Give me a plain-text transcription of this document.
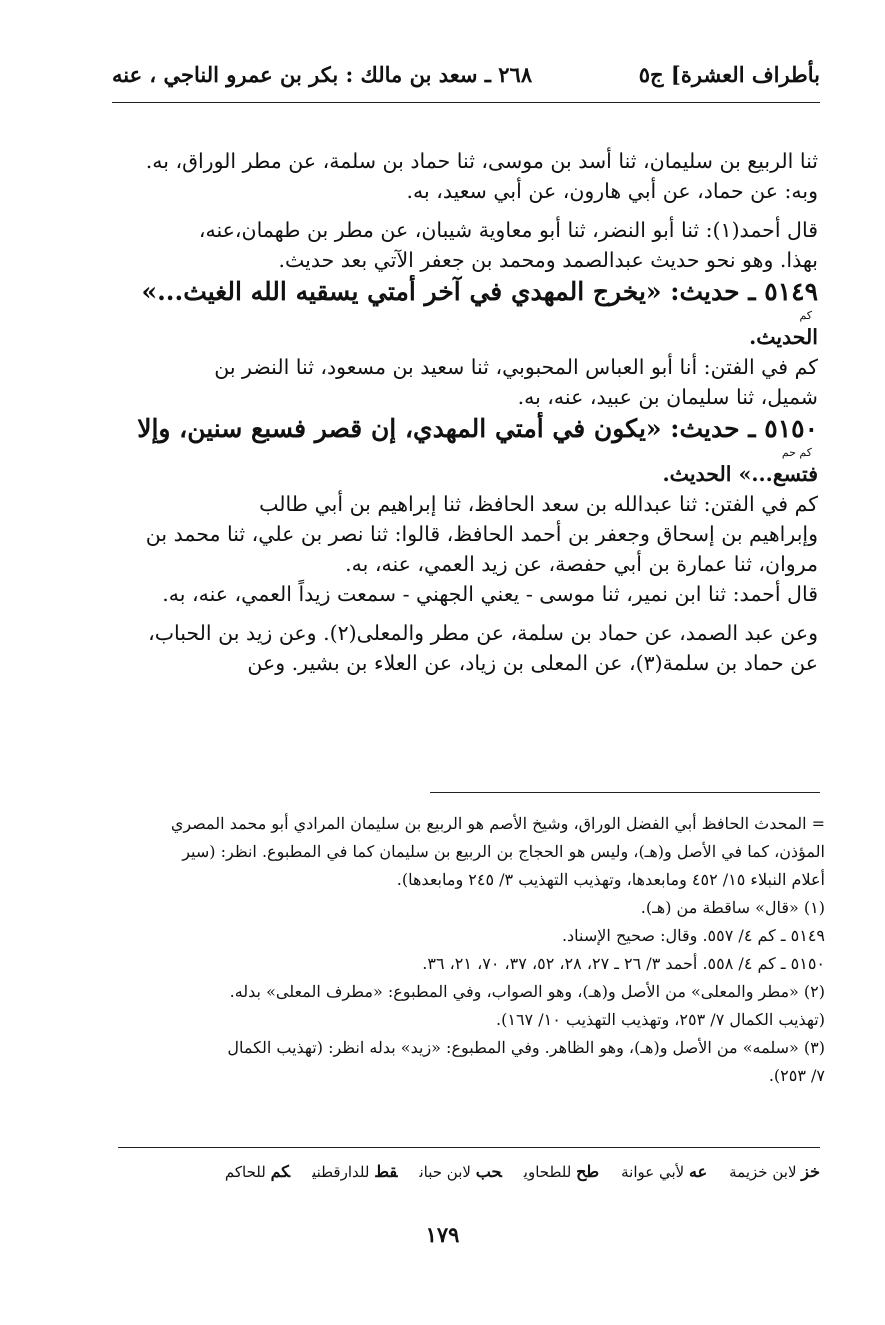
بأطراف العشرة] ج٥
٢٦٨ ـ سعد بن مالك : بكر بن عمرو الناجي ، عنه
ثنا الربيع بن سليمان، ثنا أسد بن موسى، ثنا حماد بن سلمة، عن مطر الوراق، به.
وبه: عن حماد، عن أبي هارون، عن أبي سعيد، به.
قال أحمد(١): ثنا أبو النضر، ثنا أبو معاوية شيبان، عن مطر بن طهمان،عنه،
بهذا. وهو نحو حديث عبدالصمد ومحمد بن جعفر الآتي بعد حديث.
٥١٤٩ ـ حديث: «يخرج المهدي في آخر أمتي يسقيه الله الغيث...»
كم
الحديث.
كم في الفتن: أنا أبو العباس المحبوبي، ثنا سعيد بن مسعود، ثنا النضر بن
شميل، ثنا سليمان بن عبيد، عنه، به.
٥١٥٠ ـ حديث: «يكون في أمتي المهدي، إن قصر فسبع سنين، وإلا
كم حم
فتسع...» الحديث.
كم في الفتن: ثنا عبدالله بن سعد الحافظ، ثنا إبراهيم بن أبي طالب
وإبراهيم بن إسحاق وجعفر بن أحمد الحافظ، قالوا: ثنا نصر بن علي، ثنا محمد بن
مروان، ثنا عمارة بن أبي حفصة، عن زيد العمي، عنه، به.
قال أحمد: ثنا ابن نمير، ثنا موسى - يعني الجهني - سمعت زيداً العمي، عنه، به.
وعن عبد الصمد، عن حماد بن سلمة، عن مطر والمعلى(٢). وعن زيد بن الحباب،
عن حماد بن سلمة(٣)، عن المعلى بن زياد، عن العلاء بن بشير. وعن
= المحدث الحافظ أبي الفضل الوراق، وشيخ الأصم هو الربيع بن سليمان المرادي أبو محمد المصري
المؤذن، كما في الأصل و(هـ)، وليس هو الحجاج بن الربيع بن سليمان كما في المطبوع. انظر: (سير
أعلام النبلاء ١٥/ ٤٥٢ ومابعدها، وتهذيب التهذيب ٣/ ٢٤٥ ومابعدها).
(١) «قال» ساقطة من (هـ).
٥١٤٩ ـ كم ٤/ ٥٥٧. وقال: صحيح الإسناد.
٥١٥٠ ـ كم ٤/ ٥٥٨. أحمد ٣/ ٢٦ ـ ٢٧، ٢٨، ٥٢، ٣٧، ٧٠، ٢١، ٣٦.
(٢) «مطر والمعلى» من الأصل و(هـ)، وهو الصواب، وفي المطبوع: «مطرف المعلى» بدله.
(تهذيب الكمال ٧/ ٢٥٣، وتهذيب التهذيب ١٠/ ١٦٧).
(٣) «سلمه» من الأصل و(هـ)، وهو الظاهر. وفي المطبوع: «زيد» بدله انظر: (تهذيب الكمال
٧/ ٢٥٣).
خز لابن خزيمةعه لأبي عوانةطح للطحاويحب لابن حبانقط للدارقطنيكم للحاكم
١٧٩
